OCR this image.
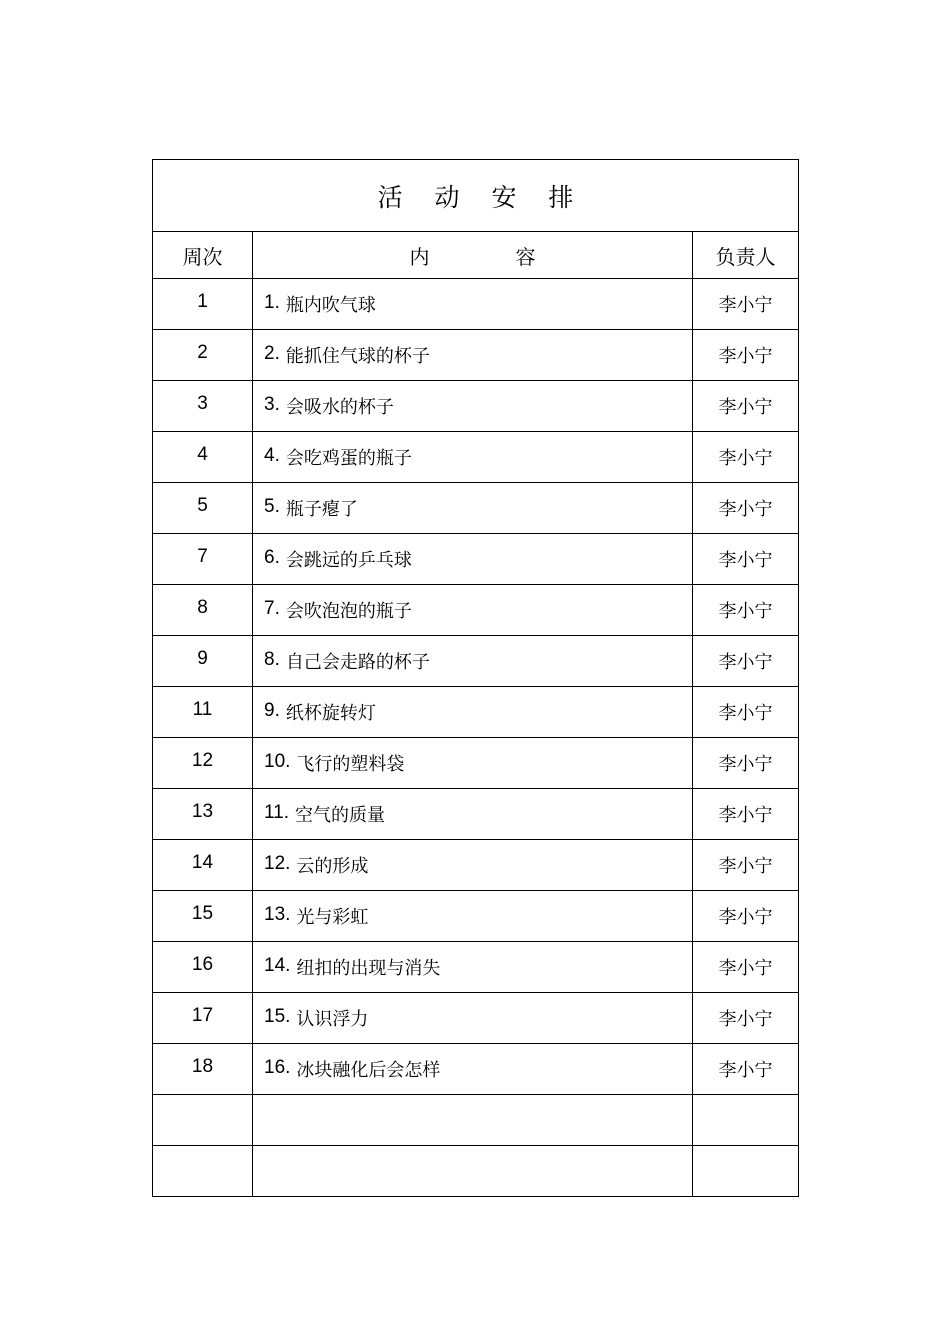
活 动 安 排		
周次	内 容	负责人
1	1. 瓶内吹气球	李小宁
2	2. 能抓住气球的杯子	李小宁
3	3. 会吸水的杯子	李小宁
4	4. 会吃鸡蛋的瓶子	李小宁
5	5. 瓶子瘪了	李小宁
7	6. 会跳远的乒乓球	李小宁
8	7. 会吹泡泡的瓶子	李小宁
9	8. 自己会走路的杯子	李小宁
11	9. 纸杯旋转灯	李小宁
12	10. 飞行的塑料袋	李小宁
13	11. 空气的质量	李小宁
14	12. 云的形成	李小宁
15	13. 光与彩虹	李小宁
16	14. 纽扣的出现与消失	李小宁
17	15. 认识浮力	李小宁
18	16. 冰块融化后会怎样	李小宁
